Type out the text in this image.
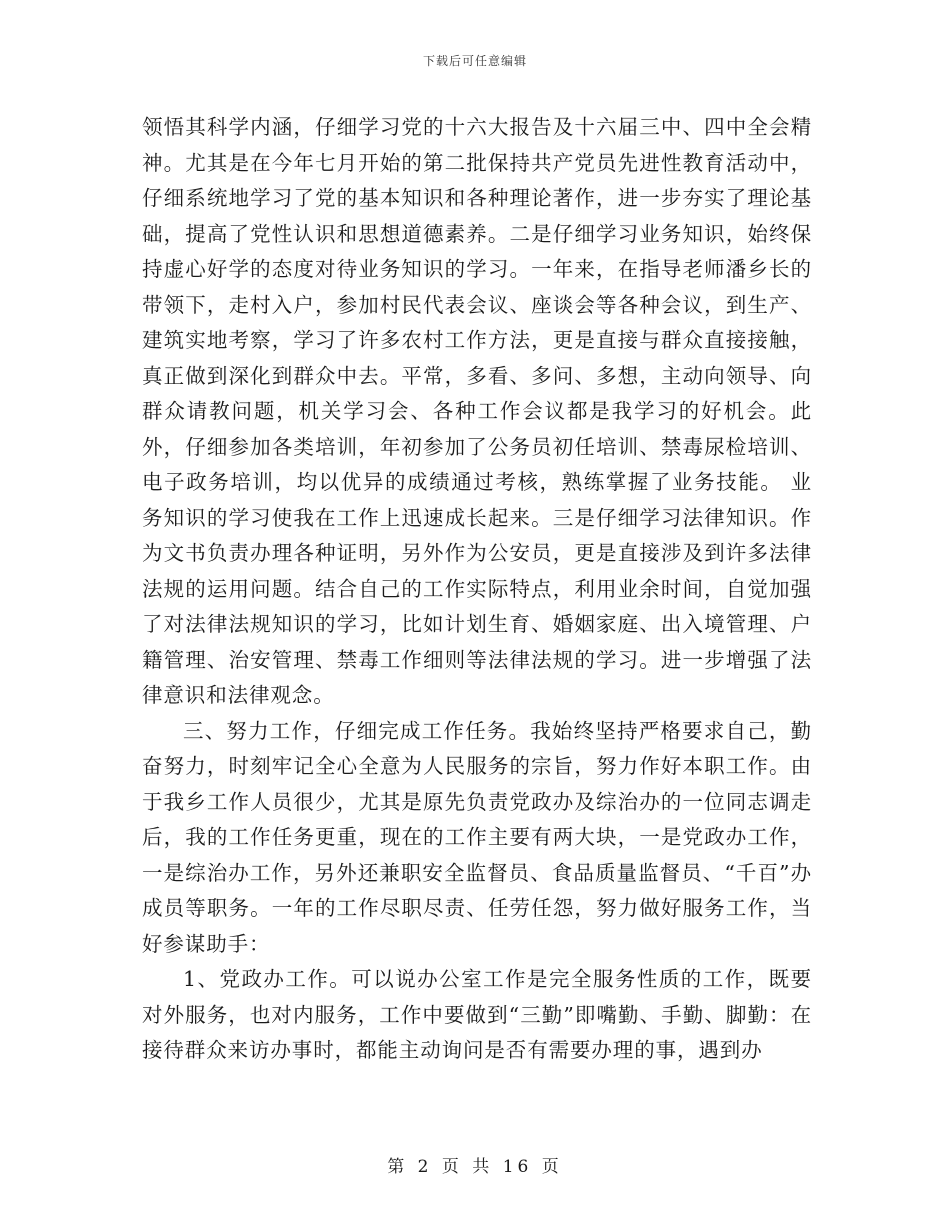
下载后可任意编辑

领悟其科学内涵，仔细学习党的十六大报告及十六届三中、四中全会精神。尤其是在今年七月开始的第二批保持共产党员先进性教育活动中，仔细系统地学习了党的基本知识和各种理论著作，进一步夯实了理论基础，提高了党性认识和思想道德素养。二是仔细学习业务知识，始终保持虚心好学的态度对待业务知识的学习。一年来，在指导老师潘乡长的带领下，走村入户，参加村民代表会议、座谈会等各种会议，到生产、建筑实地考察，学习了许多农村工作方法，更是直接与群众直接接触，真正做到深化到群众中去。平常，多看、多问、多想，主动向领导、向群众请教问题，机关学习会、各种工作会议都是我学习的好机会。此外，仔细参加各类培训，年初参加了公务员初任培训、禁毒尿检培训、电子政务培训，均以优异的成绩通过考核，熟练掌握了业务技能。 业务知识的学习使我在工作上迅速成长起来。三是仔细学习法律知识。作为文书负责办理各种证明，另外作为公安员，更是直接涉及到许多法律法规的运用问题。结合自己的工作实际特点，利用业余时间，自觉加强了对法律法规知识的学习，比如计划生育、婚姻家庭、出入境管理、户籍管理、治安管理、禁毒工作细则等法律法规的学习。进一步增强了法律意识和法律观念。

三、努力工作，仔细完成工作任务。我始终坚持严格要求自己，勤奋努力，时刻牢记全心全意为人民服务的宗旨，努力作好本职工作。由于我乡工作人员很少，尤其是原先负责党政办及综治办的一位同志调走后，我的工作任务更重，现在的工作主要有两大块，一是党政办工作，一是综治办工作，另外还兼职安全监督员、食品质量监督员、“千百”办成员等职务。一年的工作尽职尽责、任劳任怨，努力做好服务工作，当好参谋助手：

1、党政办工作。可以说办公室工作是完全服务性质的工作，既要对外服务，也对内服务，工作中要做到“三勤”即嘴勤、手勤、脚勤：在接待群众来访办事时，都能主动询问是否有需要办理的事，遇到办

第 2 页 共 16 页
